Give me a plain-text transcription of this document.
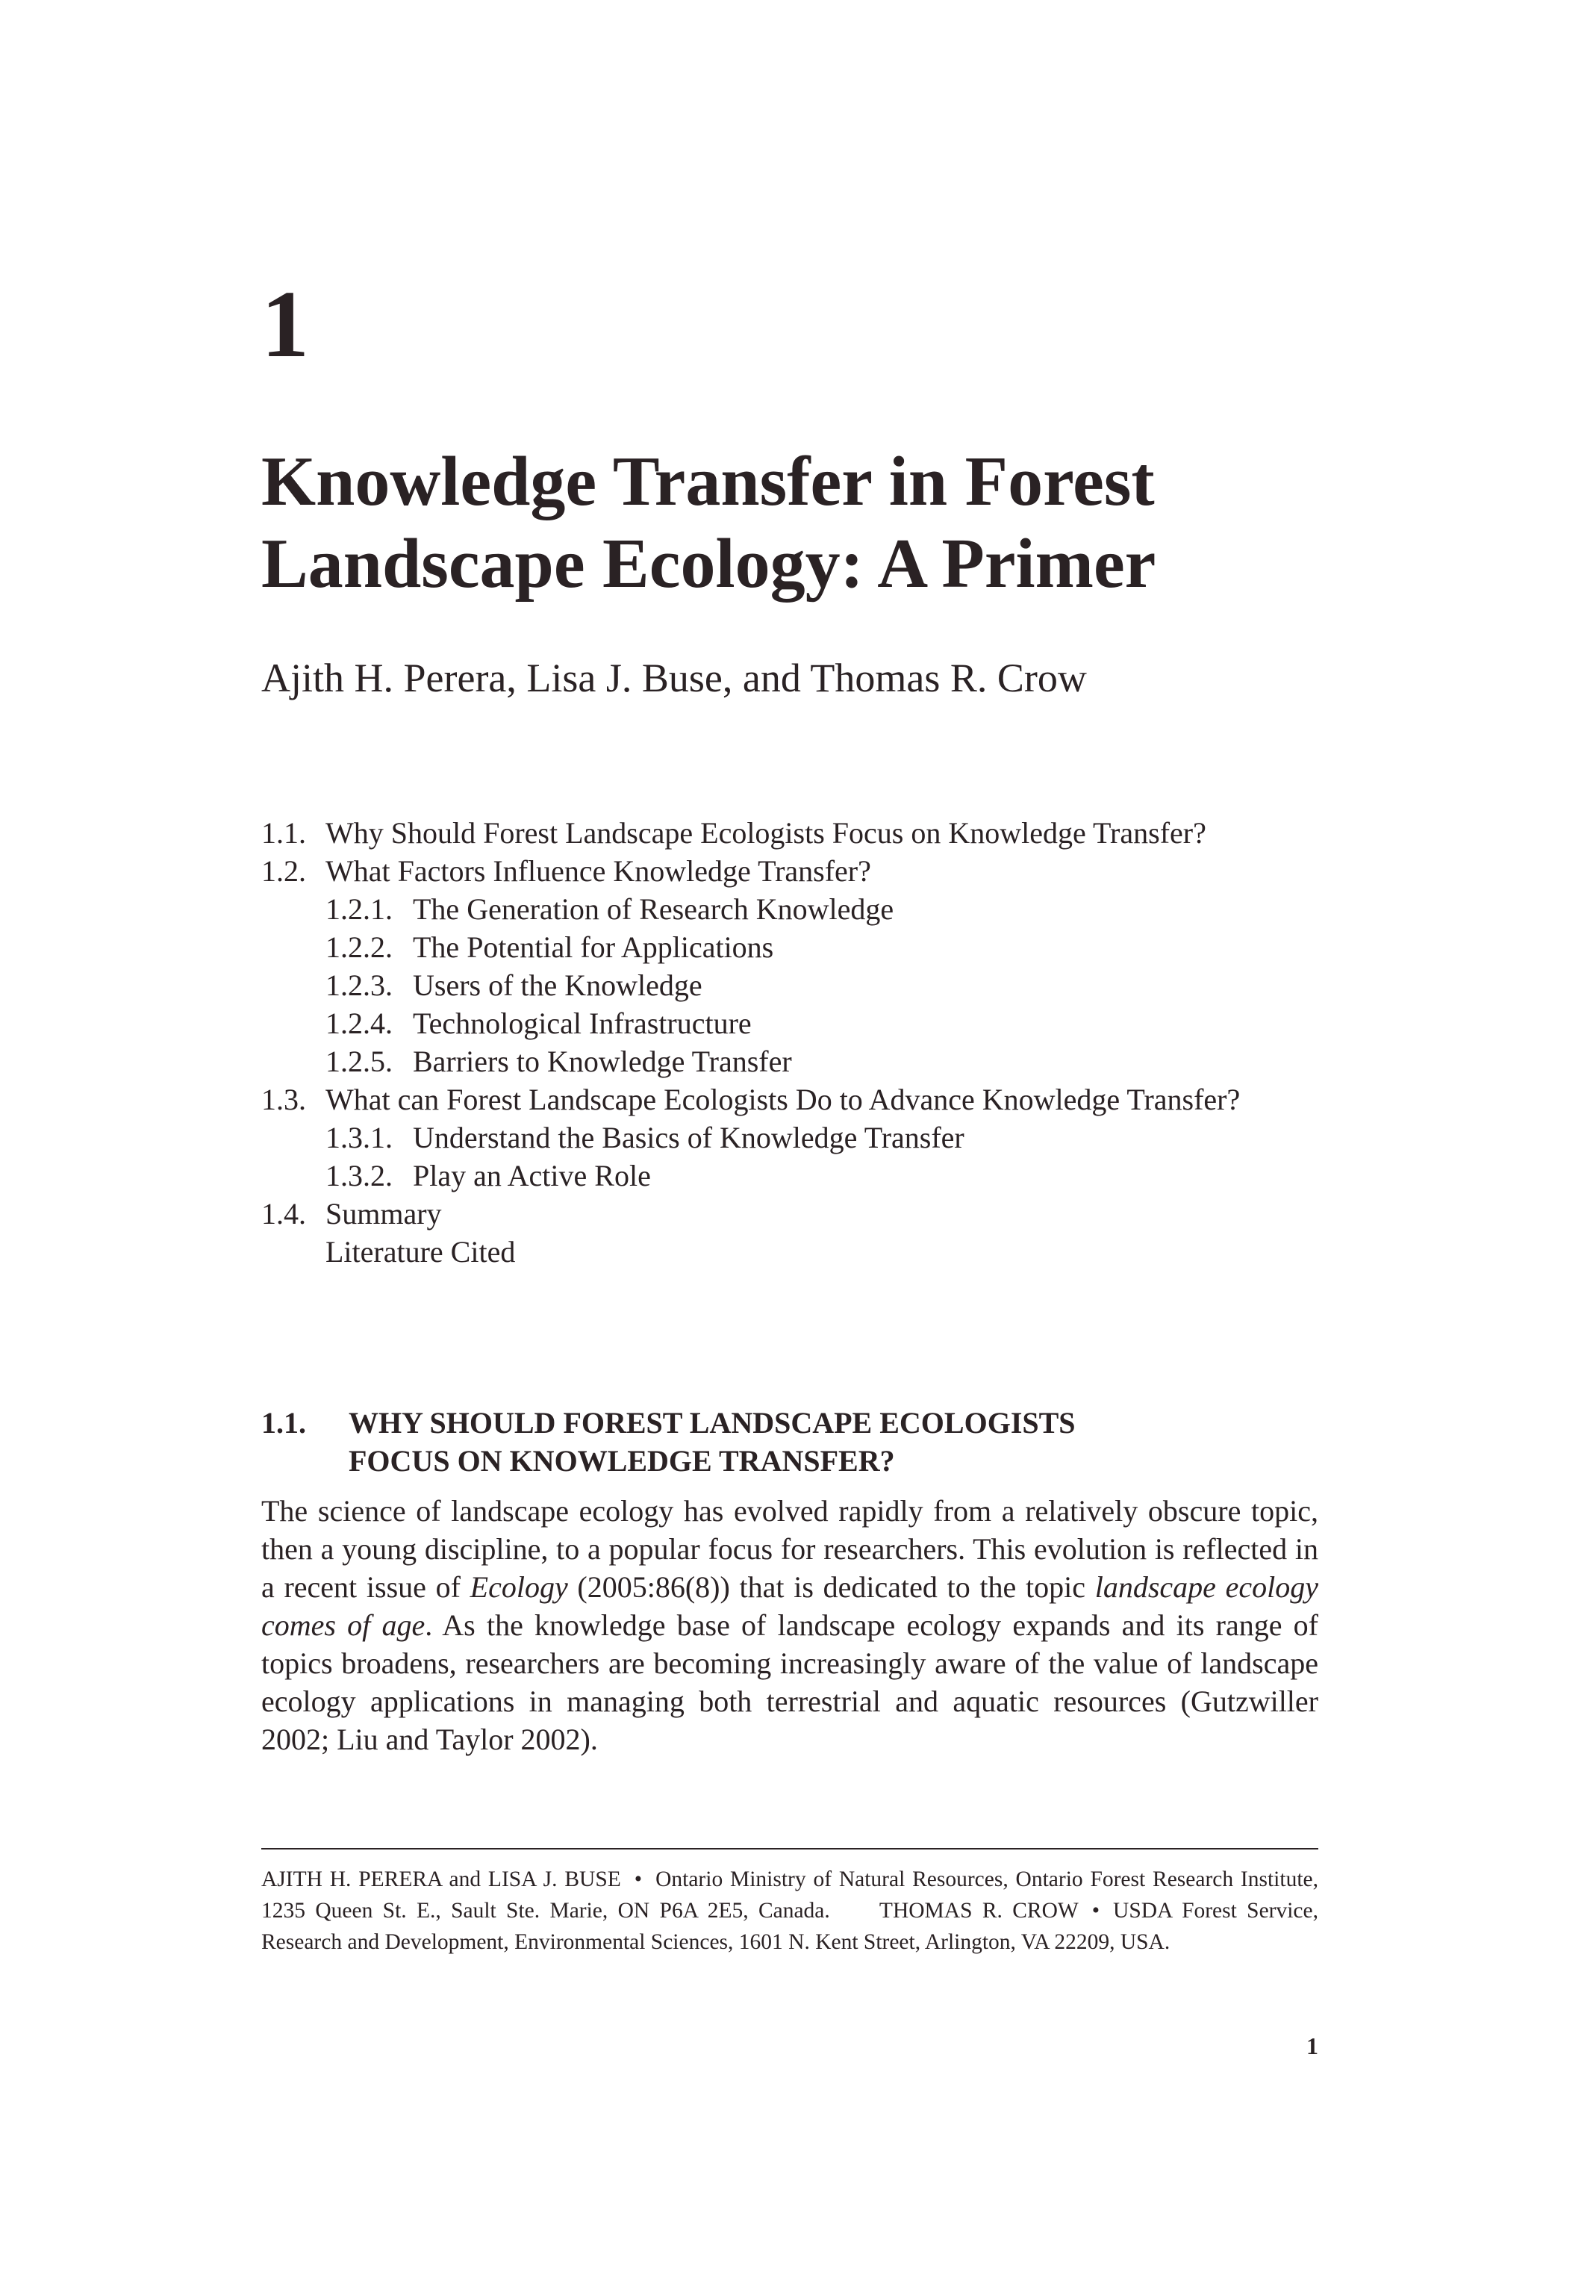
1
Knowledge Transfer in Forest
Landscape Ecology: A Primer
Ajith H. Perera, Lisa J. Buse, and Thomas R. Crow
1.1. Why Should Forest Landscape Ecologists Focus on Knowledge Transfer?
1.2. What Factors Influence Knowledge Transfer?
1.2.1. The Generation of Research Knowledge
1.2.2. The Potential for Applications
1.2.3. Users of the Knowledge
1.2.4. Technological Infrastructure
1.2.5. Barriers to Knowledge Transfer
1.3. What can Forest Landscape Ecologists Do to Advance Knowledge Transfer?
1.3.1. Understand the Basics of Knowledge Transfer
1.3.2. Play an Active Role
1.4. Summary
Literature Cited
1.1.	WHY SHOULD FOREST LANDSCAPE ECOLOGISTS
FOCUS ON KNOWLEDGE TRANSFER?

The science of landscape ecology has evolved rapidly from a relatively obscure topic, then a young discipline, to a popular focus for researchers. This evolution is reflected in a recent issue of Ecology (2005:86(8)) that is dedicated to the topic landscape ecology comes of age. As the knowledge base of landscape ecology expands and its range of topics broadens, researchers are becoming increasingly aware of the value of landscape ecology applications in managing both terrestrial and aquatic resources (Gutzwiller 2002; Liu and Taylor 2002).

AJITH H. PERERA and LISA J. BUSE • Ontario Ministry of Natural Resources, Ontario Forest Research Institute, 1235 Queen St. E., Sault Ste. Marie, ON P6A 2E5, Canada. THOMAS R. CROW • USDA Forest Service, Research and Development, Environmental Sciences, 1601 N. Kent Street, Arlington, VA 22209, USA.

1
